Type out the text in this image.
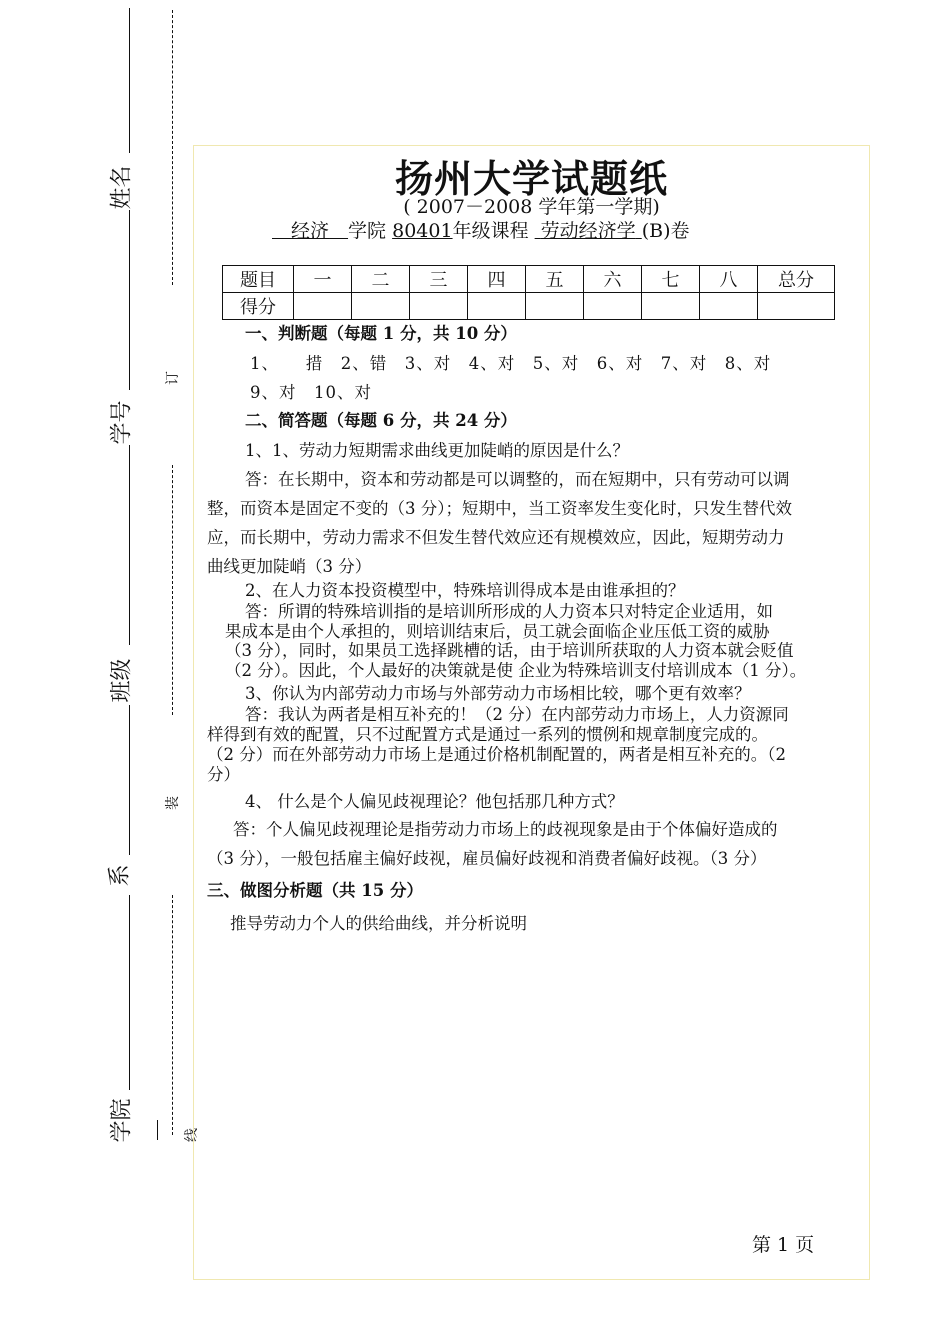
姓名
学号
班级
系
学院
订
装
线
扬州大学试题纸
( 2007－2008 学年第一学期)
　经济　 学院 80401年级课程 劳动经济学 (B)卷
题目	一	二	三	四	五	六	七	八	总分
得分									
一、判断题（每题 1 分，共 10 分）
1、　　措　2、错　3、对　4、对　5、对　6、对　7、对　8、对
9、对　10、对
二、简答题（每题 6 分，共 24 分）
1、1、劳动力短期需求曲线更加陡峭的原因是什么？
答：在长期中，资本和劳动都是可以调整的，而在短期中，只有劳动可以调
整，而资本是固定不变的（3 分）；短期中，当工资率发生变化时，只发生替代效
应，而长期中，劳动力需求不但发生替代效应还有规模效应，因此，短期劳动力
曲线更加陡峭（3 分）
2、在人力资本投资模型中，特殊培训得成本是由谁承担的？
答：所谓的特殊培训指的是培训所形成的人力资本只对特定企业适用，如
果成本是由个人承担的，则培训结束后，员工就会面临企业压低工资的威胁
（3 分），同时，如果员工选择跳槽的话，由于培训所获取的人力资本就会贬值
（2 分）。因此，个人最好的决策就是使 企业为特殊培训支付培训成本（1 分）。
3、你认为内部劳动力市场与外部劳动力市场相比较，哪个更有效率？
答：我认为两者是相互补充的！（2 分）在内部劳动力市场上，人力资源同
样得到有效的配置，只不过配置方式是通过一系列的惯例和规章制度完成的。
（2 分）而在外部劳动力市场上是通过价格机制配置的，两者是相互补充的。（2
分）
4、 什么是个人偏见歧视理论？他包括那几种方式？
答：个人偏见歧视理论是指劳动力市场上的歧视现象是由于个体偏好造成的
（3 分），一般包括雇主偏好歧视，雇员偏好歧视和消费者偏好歧视。（3 分）
三、做图分析题（共 15 分）
推导劳动力个人的供给曲线，并分析说明
第 1 页
